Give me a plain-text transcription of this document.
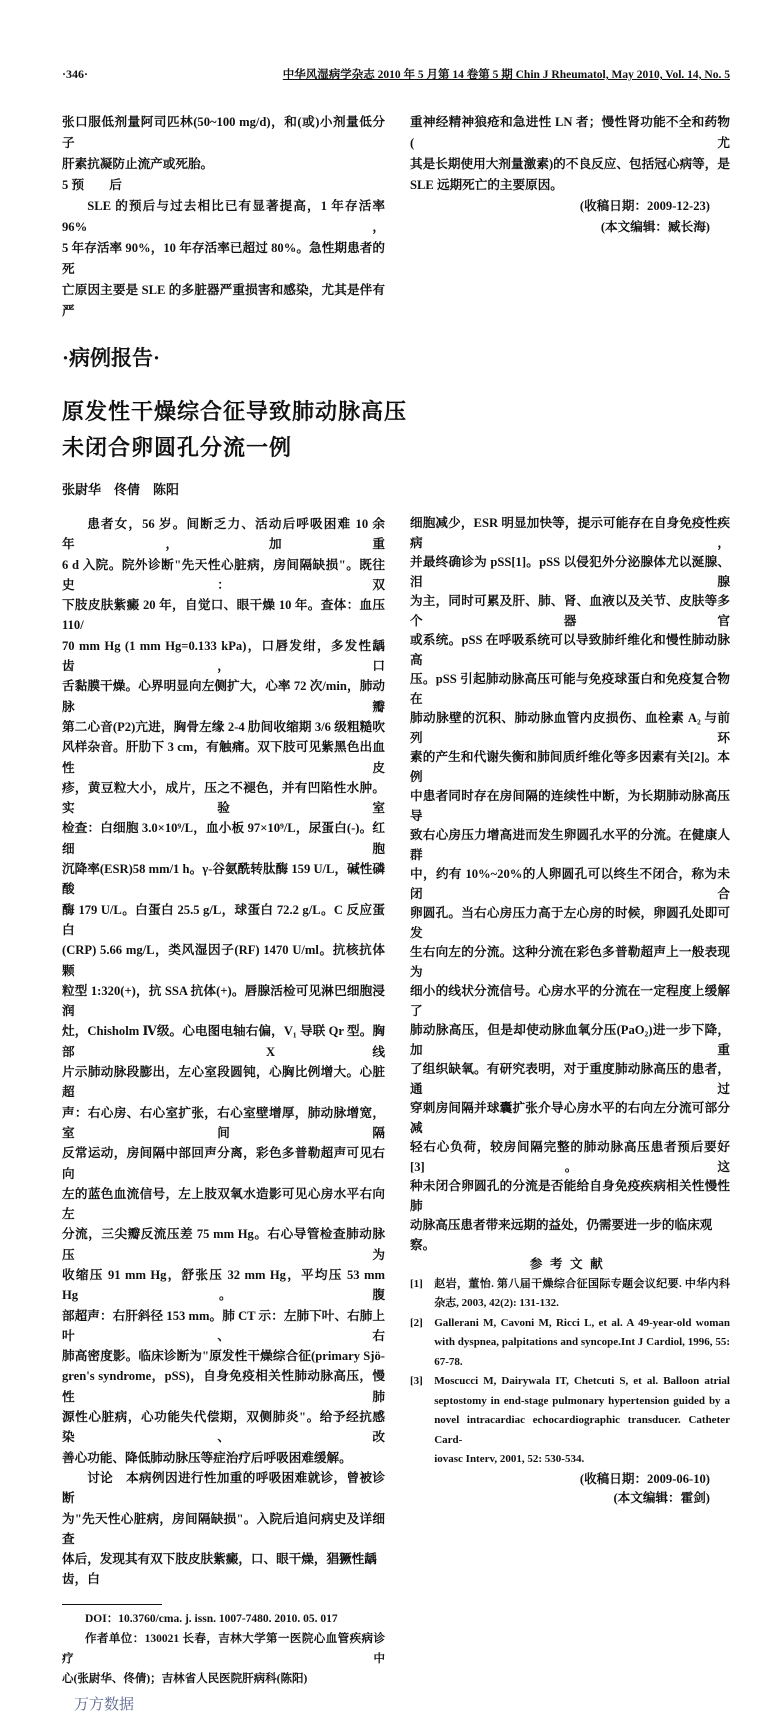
·346·	中华风湿病学杂志 2010 年 5 月第 14 卷第 5 期 Chin J Rheumatol, May 2010, Vol. 14, No. 5
张口服低剂量阿司匹林(50~100 mg/d)，和(或)小剂量低分子
肝素抗凝防止流产或死胎。
5 预　　后
SLE 的预后与过去相比已有显著提高，1 年存活率 96%，
5 年存活率 90%，10 年存活率已超过 80%。急性期患者的死
亡原因主要是 SLE 的多脏器严重损害和感染，尤其是伴有严
重神经精神狼疮和急进性 LN 者；慢性肾功能不全和药物(尤
其是长期使用大剂量激素)的不良反应、包括冠心病等，是
SLE 远期死亡的主要原因。
(收稿日期：2009-12-23)
(本文编辑：臧长海)
·病例报告·
原发性干燥综合征导致肺动脉高压
未闭合卵圆孔分流一例
张尉华　佟倩　陈阳
患者女，56 岁。间断乏力、活动后呼吸困难 10 余年，加重
6 d 入院。院外诊断"先天性心脏病，房间隔缺损"。既往史：双
下肢皮肤紫癜 20 年，自觉口、眼干燥 10 年。查体：血压 110/
70 mm Hg (1 mm Hg=0.133 kPa)，口唇发绀，多发性龋齿，口
舌黏膜干燥。心界明显向左侧扩大，心率 72 次/min，肺动脉瓣
第二心音(P2)亢进，胸骨左缘 2-4 肋间收缩期 3/6 级粗糙吹
风样杂音。肝肋下 3 cm，有触痛。双下肢可见紫黑色出血性皮
疹，黄豆粒大小，成片，压之不褪色，并有凹陷性水肿。实验室
检查：白细胞 3.0×10⁹/L，血小板 97×10⁹/L，尿蛋白(-)。红细胞
沉降率(ESR)58 mm/1 h。γ-谷氨酰转肽酶 159 U/L，碱性磷酸
酶 179 U/L。白蛋白 25.5 g/L，球蛋白 72.2 g/L。C 反应蛋白
(CRP) 5.66 mg/L，类风湿因子(RF) 1470 U/ml。抗核抗体颗
粒型 1:320(+)，抗 SSA 抗体(+)。唇腺活检可见淋巴细胞浸润
灶，Chisholm Ⅳ级。心电图电轴右偏，V₁ 导联 Qr 型。胸部 X 线
片示肺动脉段膨出，左心室段圆钝，心胸比例增大。心脏超
声：右心房、右心室扩张，右心室壁增厚，肺动脉增宽，室间隔
反常运动，房间隔中部回声分离，彩色多普勒超声可见右向
左的蓝色血流信号，左上肢双氧水造影可见心房水平右向左
分流，三尖瓣反流压差 75 mm Hg。右心导管检查肺动脉压为
收缩压 91 mm Hg，舒张压 32 mm Hg，平均压 53 mm Hg。腹
部超声：右肝斜径 153 mm。肺 CT 示：左肺下叶、右肺上叶、右
肺高密度影。临床诊断为"原发性干燥综合征(primary Sjö-
gren's syndrome，pSS)，自身免疫相关性肺动脉高压，慢性肺
源性心脏病，心功能失代偿期，双侧肺炎"。给予经抗感染、改
善心功能、降低肺动脉压等症治疗后呼吸困难缓解。
讨论　本病例因进行性加重的呼吸困难就诊，曾被诊断
为"先天性心脏病，房间隔缺损"。入院后追问病史及详细查
体后，发现其有双下肢皮肤紫癜，口、眼干燥，猖獗性龋齿，白
DOI：10.3760/cma. j. issn. 1007-7480. 2010. 05. 017
作者单位：130021 长春，吉林大学第一医院心血管疾病诊疗中
心(张尉华、佟倩)；吉林省人民医院肝病科(陈阳)
万方数据
细胞减少，ESR 明显加快等，提示可能存在自身免疫性疾病，
并最终确诊为 pSS[1]。pSS 以侵犯外分泌腺体尤以涎腺、泪腺
为主，同时可累及肝、肺、肾、血液以及关节、皮肤等多个器官
或系统。pSS 在呼吸系统可以导致肺纤维化和慢性肺动脉高
压。pSS 引起肺动脉高压可能与免疫球蛋白和免疫复合物在
肺动脉壁的沉积、肺动脉血管内皮损伤、血栓素 A₂ 与前列环
素的产生和代谢失衡和肺间质纤维化等多因素有关[2]。本例
中患者同时存在房间隔的连续性中断，为长期肺动脉高压导
致右心房压力增高进而发生卵圆孔水平的分流。在健康人群
中，约有 10%~20%的人卵圆孔可以终生不闭合，称为未闭合
卵圆孔。当右心房压力高于左心房的时候，卵圆孔处即可发
生右向左的分流。这种分流在彩色多普勒超声上一般表现为
细小的线状分流信号。心房水平的分流在一定程度上缓解了
肺动脉高压，但是却使动脉血氧分压(PaO₂)进一步下降，加重
了组织缺氧。有研究表明，对于重度肺动脉高压的患者，通过
穿刺房间隔并球囊扩张介导心房水平的右向左分流可部分减
轻右心负荷，较房间隔完整的肺动脉高压患者预后要好[3]。这
种未闭合卵圆孔的分流是否能给自身免疫疾病相关性慢性肺
动脉高压患者带来远期的益处，仍需要进一步的临床观察。
参考文献
[1] 赵岩，董怡. 第八届干燥综合征国际专题会议纪要. 中华内科
杂志, 2003, 42(2): 131-132.
[2] Gallerani M, Cavoni M, Ricci L, et al. A 49-year-old woman
with dyspnea, palpitations and syncope.Int J Cardiol, 1996, 55:
67-78.
[3] Moscucci M, Dairywala IT, Chetcuti S, et al. Balloon atrial
septostomy in end-stage pulmonary hypertension guided by a
novel intracardiac echocardiographic transducer. Catheter Card-
iovasc Interv, 2001, 52: 530-534.
(收稿日期：2009-06-10)
(本文编辑：霍剑)
